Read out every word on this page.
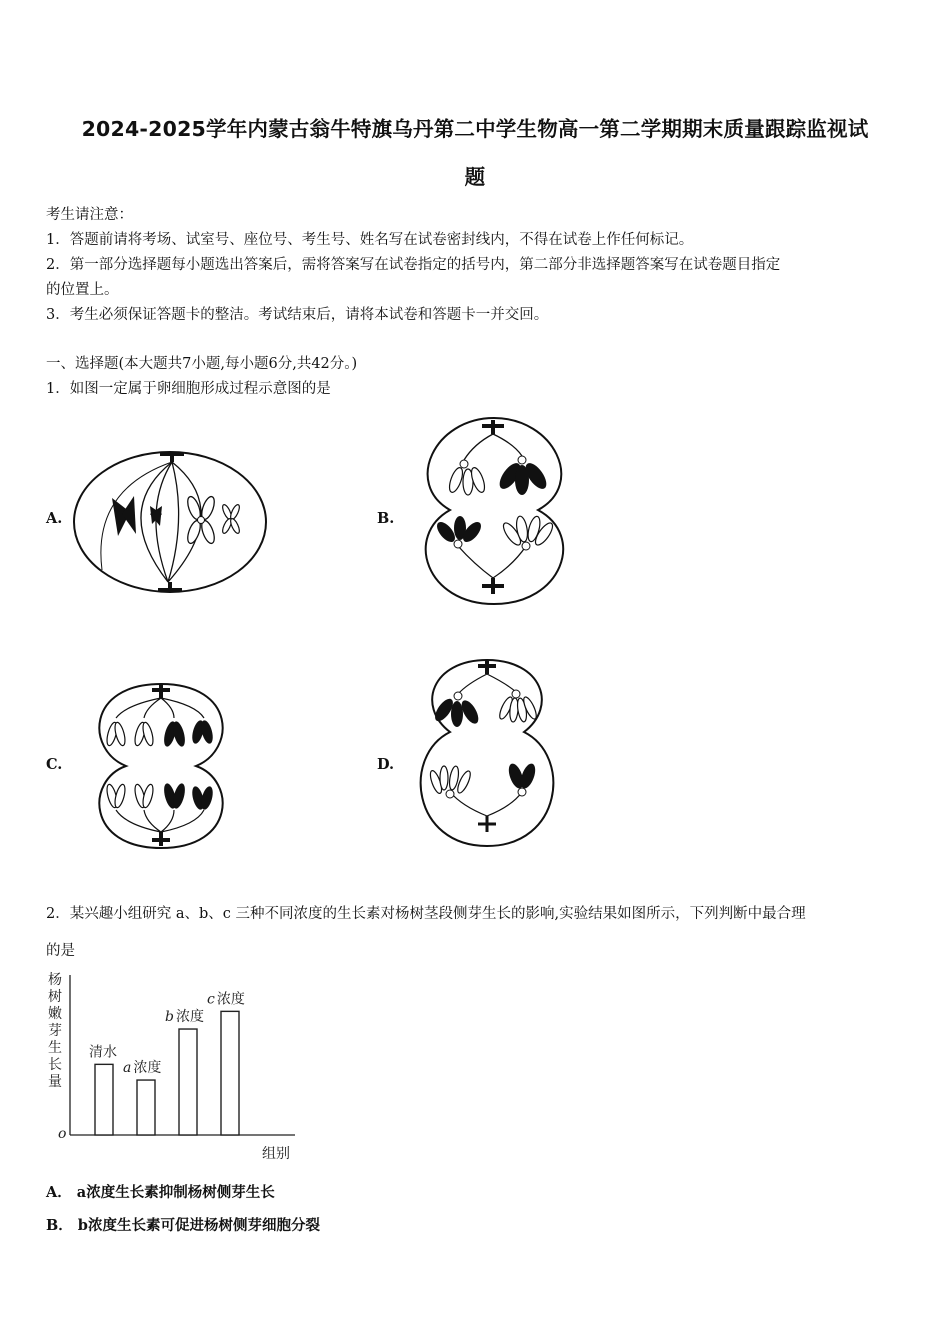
2024-2025学年内蒙古翁牛特旗乌丹第二中学生物高一第二学期期末质量跟踪监视试
题
考生请注意：
1．答题前请将考场、试室号、座位号、考生号、姓名写在试卷密封线内，不得在试卷上作任何标记。
2．第一部分选择题每小题选出答案后，需将答案写在试卷指定的括号内，第二部分非选择题答案写在试卷题目指定
的位置上。
3．考生必须保证答题卡的整洁。考试结束后，请将本试卷和答题卡一并交回。
一、选择题(本大题共7小题,每小题6分,共42分。)
1．如图一定属于卵细胞形成过程示意图的是
A.	B.
C.	D.
2．某兴趣小组研究 a、b、c 三种不同浓度的生长素对杨树茎段侧芽生长的影响,实验结果如图所示，下列判断中最合理
的是
杨树嫩芽生长量
o
组别
清水
a 浓度
b 浓度
c 浓度
A． a浓度生长素抑制杨树侧芽生长
B． b浓度生长素可促进杨树侧芽细胞分裂
